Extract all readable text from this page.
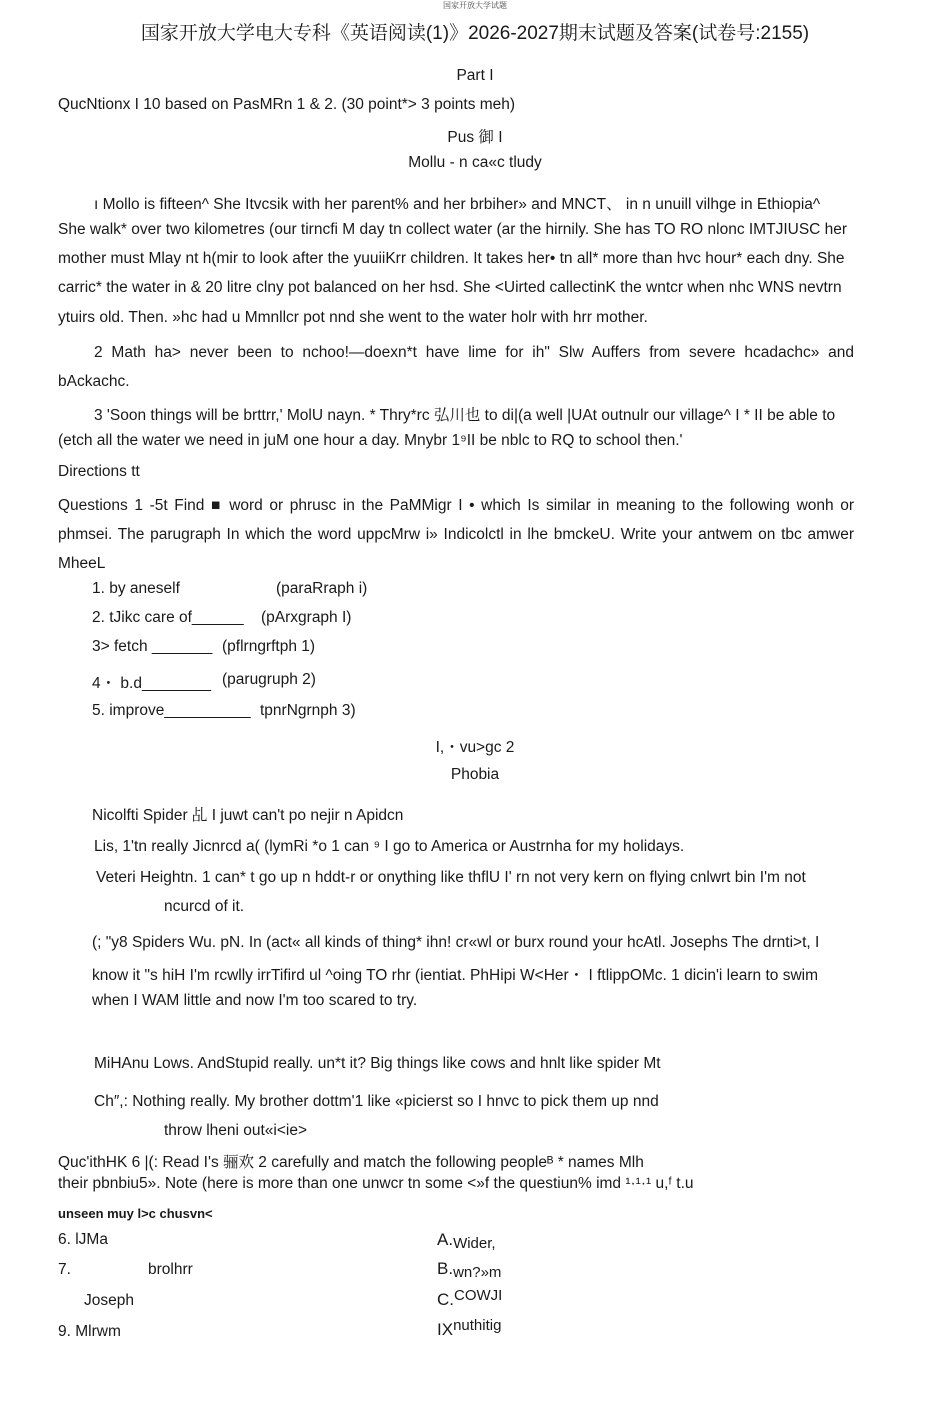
国家开放大学试题
国家开放大学电大专科《英语阅读(1)》2026-2027期末试题及答案(试卷号:2155)
Part I
QucNtionx I 10 based on PasMRn 1 & 2. (30 point*> 3 points meh)
Pus 御 I
Mollu - n ca«c tludy
ı Mollo is fifteen^ She Itvcsik with her parent% and her brbiher» and MNCT、 in n unuill vilhge in Ethiopia^
She walk* over two kilometres (our tirncfi M day tn collect water (ar the hirnily. She has TO RO nlonc IMTJIUSC her
mother must Mlay nt h(mir to look after the yuuiiKrr children. It takes her• tn all* more than hvc hour* each dny. She
carric* the water in & 20 litre clny pot balanced on her hsd. She <Uirted callectinK the wntcr when nhc WNS nevtrn
ytuirs old. Then. »hc had u Mmnllcr pot nnd she went to the water holr with hrr mother.
2 Math ha> never been to nchoo!—doexn*t have lime for ih" Slw Auffers from severe hcadachc» and bAckachc.
3 'Soon things will be brttrr,' MolU nayn. * Thry*rc 弘川也 to di|(a well |UAt outnulr our village^ I * II be able to
(etch all the water we need in juM one hour a day. Mnybr 1⁹II be nblc to RQ to school then.'
Directions tt
Questions 1 -5t Find ■ word or phrusc in the PaMMigr I • which Is similar in meaning to the following wonh or phmsei. The parugraph In which the word uppcMrw i» Indicolctl in lhe bmckeU. Write your antwem on tbc amwer MheeL
1. by aneself	(paraRraph i)
2. tJikc care of______ (pArxgraph I)
3> fetch _______ (pflrngrftph 1)
4・ b.d________ (parugruph 2)
5. improve__________ tpnrNgrnph 3)
I,・vu>gc 2
Phobia
Nicolfti Spider 乩 I juwt can't po nejir n Apidcn
Lis, 1'tn really Jicnrcd a( (lymRi *o 1 can ⁹ I go to America or Austrnha for my holidays.
Veteri Heightn. 1 can* t go up n hddt-r or onything like thflU I' rn not very kern on flying cnlwrt bin I'm not
ncurcd of it.
(; "y8 Spiders Wu. pN. In (act« all kinds of thing* ihn! cr«wl or burx round your hcAtl. Josephs The drnti>t, I
know it "s hiH I'm rcwlly irrTifird ul ^oing TO rhr (ientiat. PhHipi W<Her・ I ftlippOMc. 1 dicin'i learn to swim
when I WAM little and now I'm too scared to try.
MiHAnu Lows. AndStupid really. un*t it? Big things like cows and hnlt like spider Mt
Ch″,: Nothing really. My brother dottm'1 like «picierst so I hnvc to pick them up nnd
throw lheni out«i<ie>
Quc'ithHK 6 |(: Read I's 骊欢 2 carefully and match the following peopleᴮ * names Mlh
their pbnbiu5». Note (here is more than one unwcr tn some <»f the questiun% imd ¹·¹·¹ u,ᶠ t.u
unseen muy l>c chusvn<
6. lJMa
7.	brolhrr
Joseph
9. Mlrwm
A.Wider,
B.wn?»m
C.COWJI
IXnuthitig
